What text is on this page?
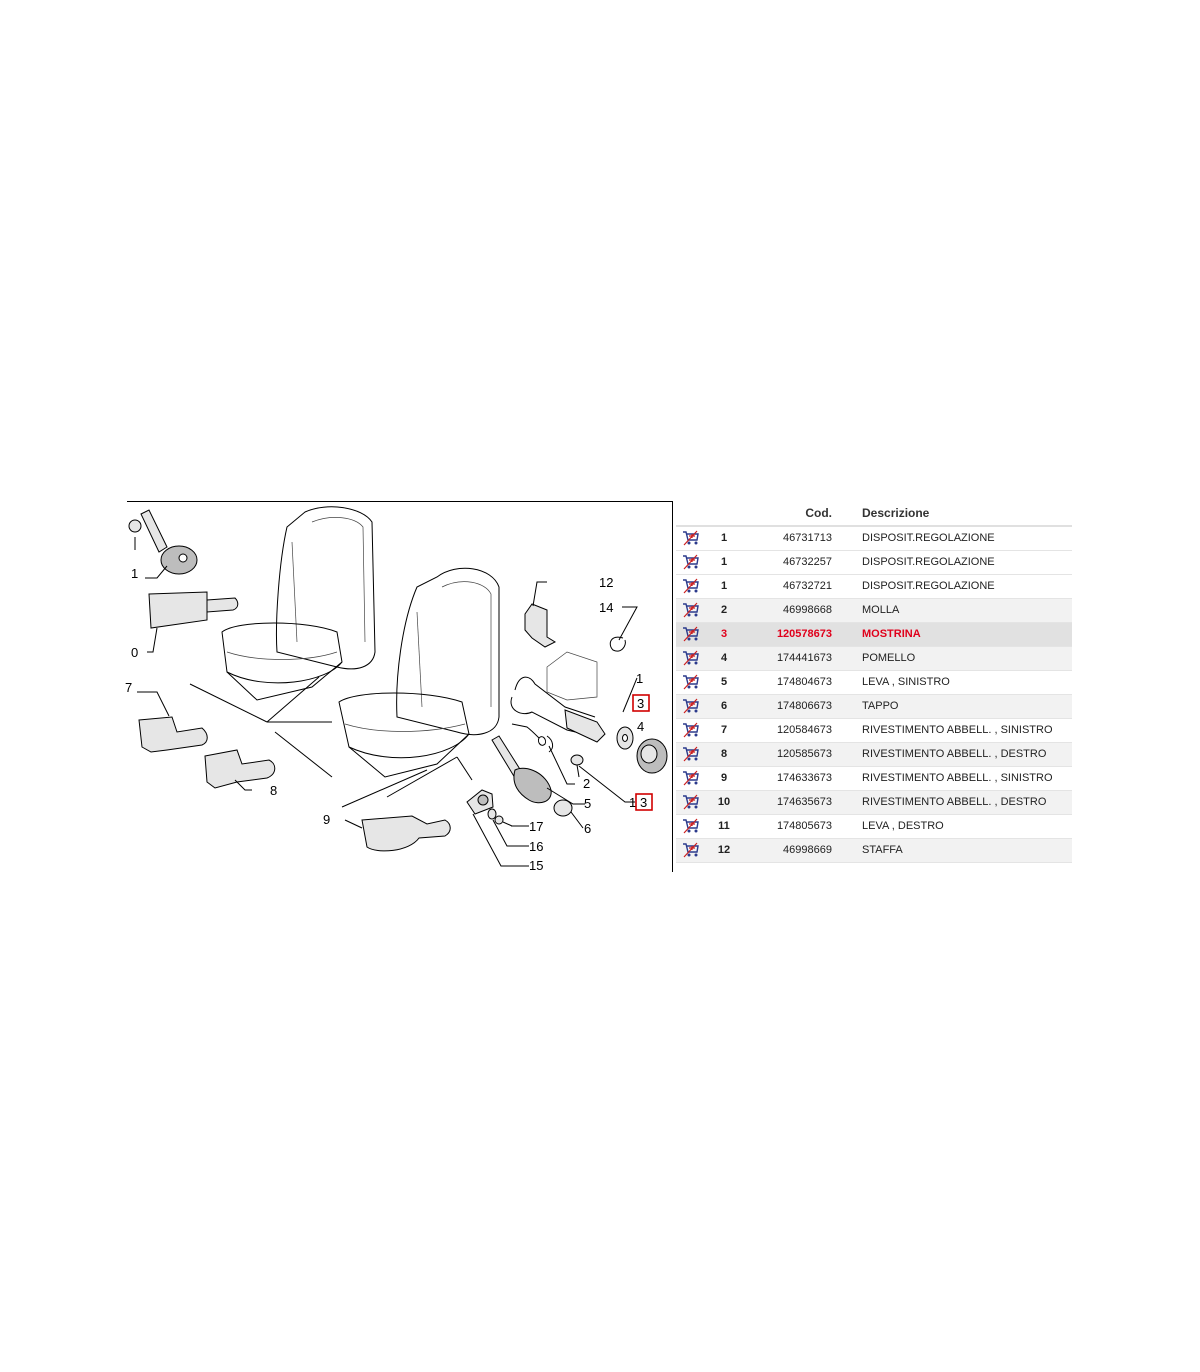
1
0
7
8
9
12
14
1
3
4
2
5	1 3
17
16
15
6
		Cod.	Descrizione
	1	46731713	DISPOSIT.REGOLAZIONE
	1	46732257	DISPOSIT.REGOLAZIONE
	1	46732721	DISPOSIT.REGOLAZIONE
	2	46998668	MOLLA
	3	120578673	MOSTRINA
	4	174441673	POMELLO
	5	174804673	LEVA , SINISTRO
	6	174806673	TAPPO
	7	120584673	RIVESTIMENTO ABBELL. , SINISTRO
	8	120585673	RIVESTIMENTO ABBELL. , DESTRO
	9	174633673	RIVESTIMENTO ABBELL. , SINISTRO
	10	174635673	RIVESTIMENTO ABBELL. , DESTRO
	11	174805673	LEVA , DESTRO
	12	46998669	STAFFA
